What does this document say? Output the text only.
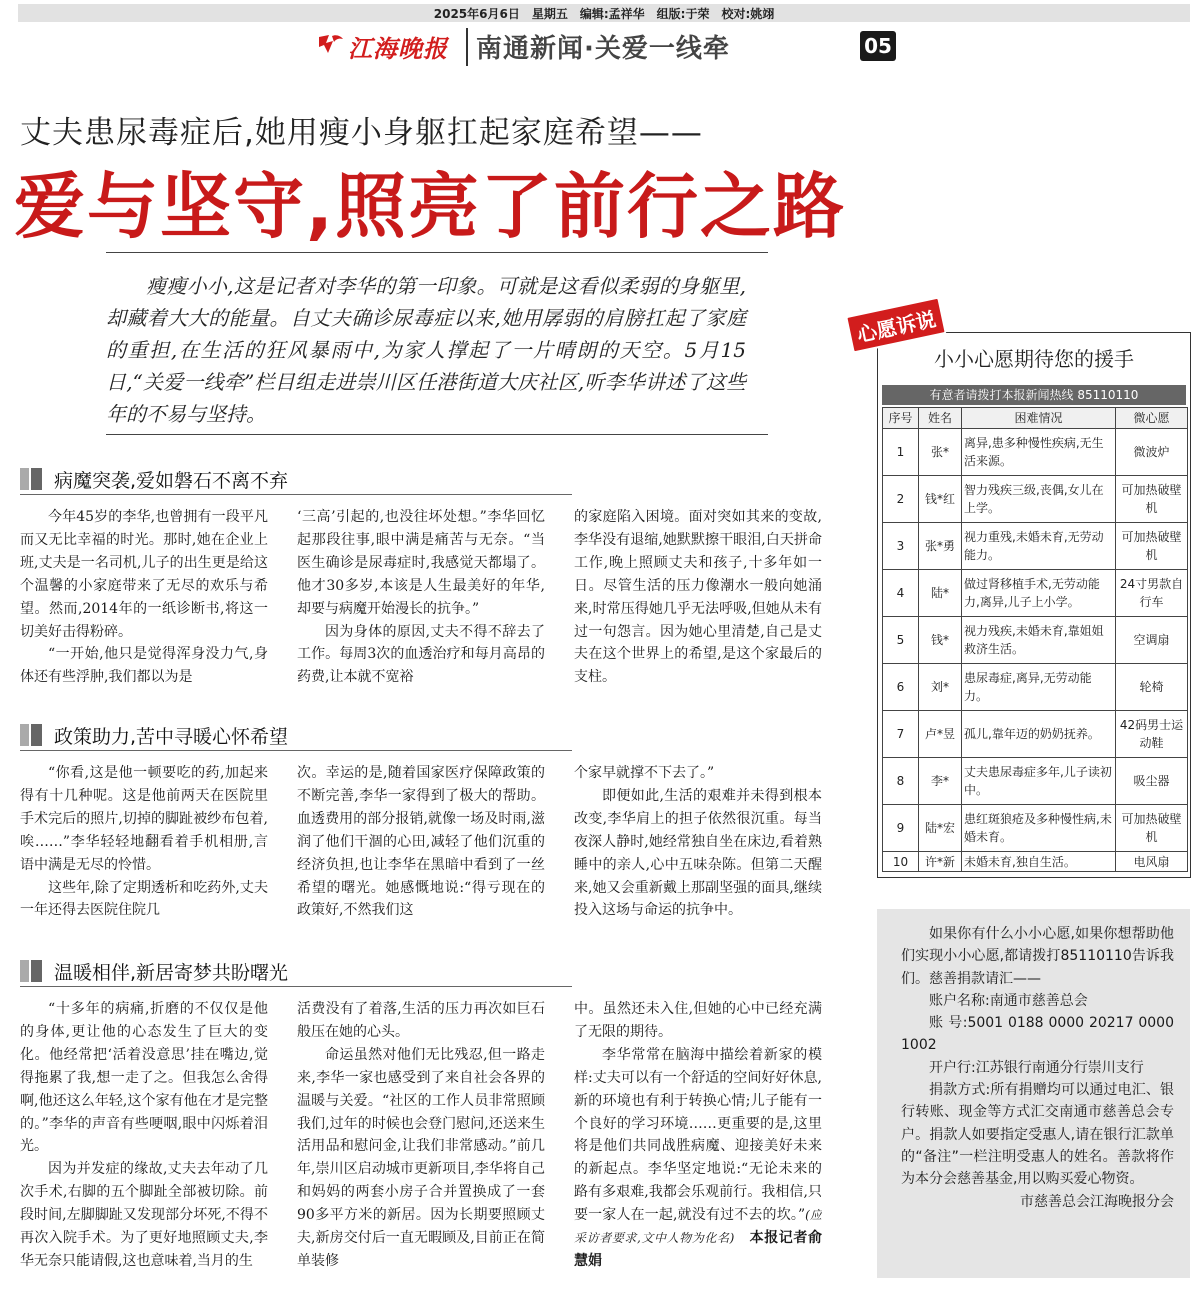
2025年6月6日　星期五　编辑:孟祥华　组版:于荣　校对:姚翊
江海晚报 南通新闻·关爱一线牵	05
丈夫患尿毒症后,她用瘦小身躯扛起家庭希望——
爱与坚守,照亮了前行之路
瘦瘦小小,这是记者对李华的第一印象。可就是这看似柔弱的身躯里,却藏着大大的能量。自丈夫确诊尿毒症以来,她用孱弱的肩膀扛起了家庭的重担,在生活的狂风暴雨中,为家人撑起了一片晴朗的天空。5月15日,“关爱一线牵”栏目组走进崇川区任港街道大庆社区,听李华讲述了这些年的不易与坚持。
病魔突袭,爱如磐石不离不弃

今年45岁的李华,也曾拥有一段平凡而又无比幸福的时光。那时,她在企业上班,丈夫是一名司机,儿子的出生更是给这个温馨的小家庭带来了无尽的欢乐与希望。然而,2014年的一纸诊断书,将这一切美好击得粉碎。

“一开始,他只是觉得浑身没力气,身体还有些浮肿,我们都以为是

‘三高’引起的,也没往坏处想。”李华回忆起那段往事,眼中满是痛苦与无奈。“当医生确诊是尿毒症时,我感觉天都塌了。他才30多岁,本该是人生最美好的年华,却要与病魔开始漫长的抗争。”

因为身体的原因,丈夫不得不辞去了工作。每周3次的血透治疗和每月高昂的药费,让本就不宽裕

的家庭陷入困境。面对突如其来的变故,李华没有退缩,她默默擦干眼泪,白天拼命工作,晚上照顾丈夫和孩子,十多年如一日。尽管生活的压力像潮水一般向她涌来,时常压得她几乎无法呼吸,但她从未有过一句怨言。因为她心里清楚,自己是丈夫在这个世界上的希望,是这个家最后的支柱。

政策助力,苦中寻暖心怀希望

“你看,这是他一顿要吃的药,加起来得有十几种呢。这是他前两天在医院里手术完后的照片,切掉的脚趾被纱布包着,唉……”李华轻轻地翻看着手机相册,言语中满是无尽的怜惜。

这些年,除了定期透析和吃药外,丈夫一年还得去医院住院几

次。幸运的是,随着国家医疗保障政策的不断完善,李华一家得到了极大的帮助。血透费用的部分报销,就像一场及时雨,滋润了他们干涸的心田,减轻了他们沉重的经济负担,也让李华在黑暗中看到了一丝希望的曙光。她感慨地说:“得亏现在的政策好,不然我们这

个家早就撑不下去了。”

即便如此,生活的艰难并未得到根本改变,李华肩上的担子依然很沉重。每当夜深人静时,她经常独自坐在床边,看着熟睡中的亲人,心中五味杂陈。但第二天醒来,她又会重新戴上那副坚强的面具,继续投入这场与命运的抗争中。

温暖相伴,新居寄梦共盼曙光

“十多年的病痛,折磨的不仅仅是他的身体,更让他的心态发生了巨大的变化。他经常把‘活着没意思’挂在嘴边,觉得拖累了我,想一走了之。但我怎么舍得啊,他还这么年轻,这个家有他在才是完整的。”李华的声音有些哽咽,眼中闪烁着泪光。

因为并发症的缘故,丈夫去年动了几次手术,右脚的五个脚趾全部被切除。前段时间,左脚脚趾又发现部分坏死,不得不再次入院手术。为了更好地照顾丈夫,李华无奈只能请假,这也意味着,当月的生

活费没有了着落,生活的压力再次如巨石般压在她的心头。

命运虽然对他们无比残忍,但一路走来,李华一家也感受到了来自社会各界的温暖与关爱。“社区的工作人员非常照顾我们,过年的时候也会登门慰问,还送来生活用品和慰问金,让我们非常感动。”前几年,崇川区启动城市更新项目,李华将自己和妈妈的两套小房子合并置换成了一套90多平方米的新居。因为长期要照顾丈夫,新房交付后一直无暇顾及,目前正在简单装修

中。虽然还未入住,但她的心中已经充满了无限的期待。

李华常常在脑海中描绘着新家的模样:丈夫可以有一个舒适的空间好好休息,新的环境也有利于转换心情;儿子能有一个良好的学习环境……更重要的是,这里将是他们共同战胜病魔、迎接美好未来的新起点。李华坚定地说:“无论未来的路有多艰难,我都会乐观前行。我相信,只要一家人在一起,就没有过不去的坎。”(应采访者要求,文中人物为化名)　 本报记者俞慧娟

心愿诉说
小小心愿期待您的援手
有意者请拨打本报新闻热线 85110110
序号	姓名	困难情况	微心愿
1	张*	离异,患多种慢性疾病,无生活来源。	微波炉
2	钱*红	智力残疾三级,丧偶,女儿在上学。	可加热破壁机
3	张*勇	视力重残,未婚未育,无劳动能力。	可加热破壁机
4	陆*	做过肾移植手术,无劳动能力,离异,儿子上小学。	24寸男款自行车
5	钱*	视力残疾,未婚未育,靠姐姐救济生活。	空调扇
6	刘*	患尿毒症,离异,无劳动能力。	轮椅
7	卢*昱	孤儿,靠年迈的奶奶抚养。	42码男士运动鞋
8	李*	丈夫患尿毒症多年,儿子读初中。	吸尘器
9	陆*宏	患红斑狼疮及多种慢性病,未婚未育。	可加热破壁机
10	许*新	未婚未育,独自生活。	电风扇

如果你有什么小小心愿,如果你想帮助他们实现小小心愿,都请拨打85110110告诉我们。慈善捐款请汇——

账户名称:南通市慈善总会

账 号:5001 0188 0000 20217 0000 1002

开户行:江苏银行南通分行崇川支行

捐款方式:所有捐赠均可以通过电汇、银行转账、现金等方式汇交南通市慈善总会专户。捐款人如要指定受惠人,请在银行汇款单的“备注”一栏注明受惠人的姓名。善款将作为本分会慈善基金,用以购买爱心物资。

市慈善总会江海晚报分会
